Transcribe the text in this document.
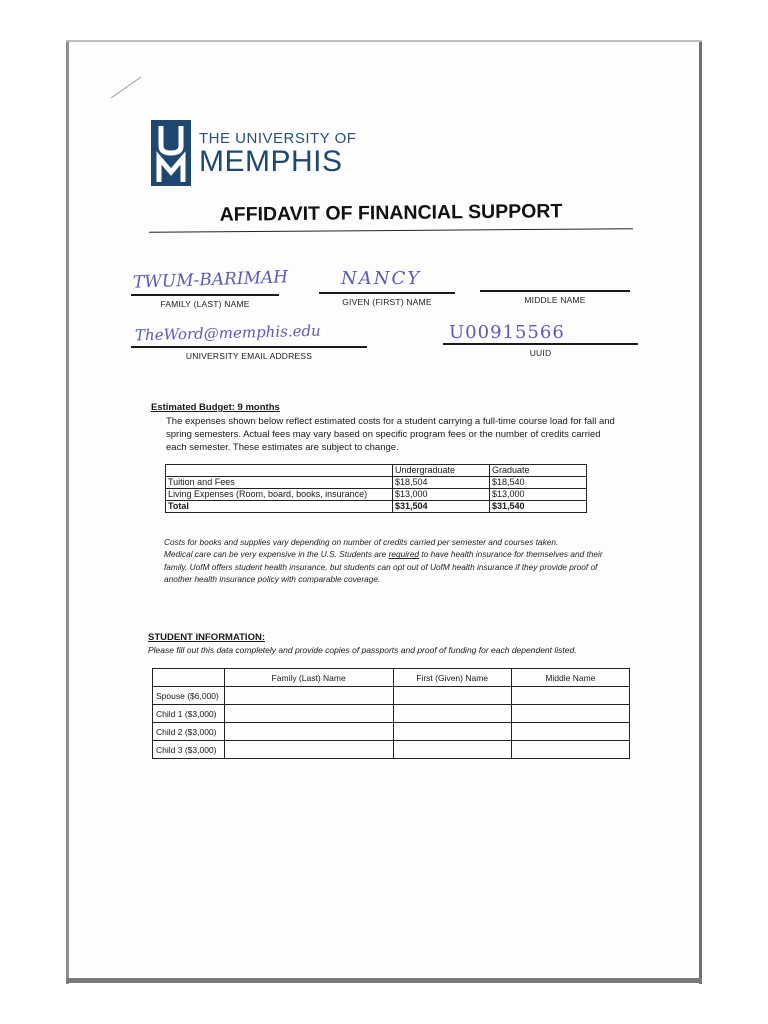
THE UNIVERSITY OF
MEMPHIS
AFFIDAVIT OF FINANCIAL SUPPORT
FAMILY (LAST) NAME
TWUM-BARIMAH
GIVEN (FIRST) NAME
NANCY
MIDDLE NAME
UNIVERSITY EMAIL ADDRESS
TheWord@memphis.edu
UUID
U00915566
Estimated Budget: 9 months
The expenses shown below reflect estimated costs for a student carrying a full-time course load for fall and spring semesters. Actual fees may vary based on specific program fees or the number of credits carried each semester. These estimates are subject to change.
	Undergraduate	Graduate
Tuition and Fees	$18,504	$18,540
Living Expenses (Room, board, books, insurance)	$13,000	$13,000
Total	$31,504	$31,540
Costs for books and supplies vary depending on number of credits carried per semester and courses taken.
Medical care can be very expensive in the U.S. Students are required to have health insurance for themselves and their family. UofM offers student health insurance, but students can opt out of UofM health insurance if they provide proof of another health insurance policy with comparable coverage.
STUDENT INFORMATION:
Please fill out this data completely and provide copies of passports and proof of funding for each dependent listed.
	Family (Last) Name	First (Given) Name	Middle Name
Spouse ($6,000)			
Child 1 ($3,000)			
Child 2 ($3,000)			
Child 3 ($3,000)			
